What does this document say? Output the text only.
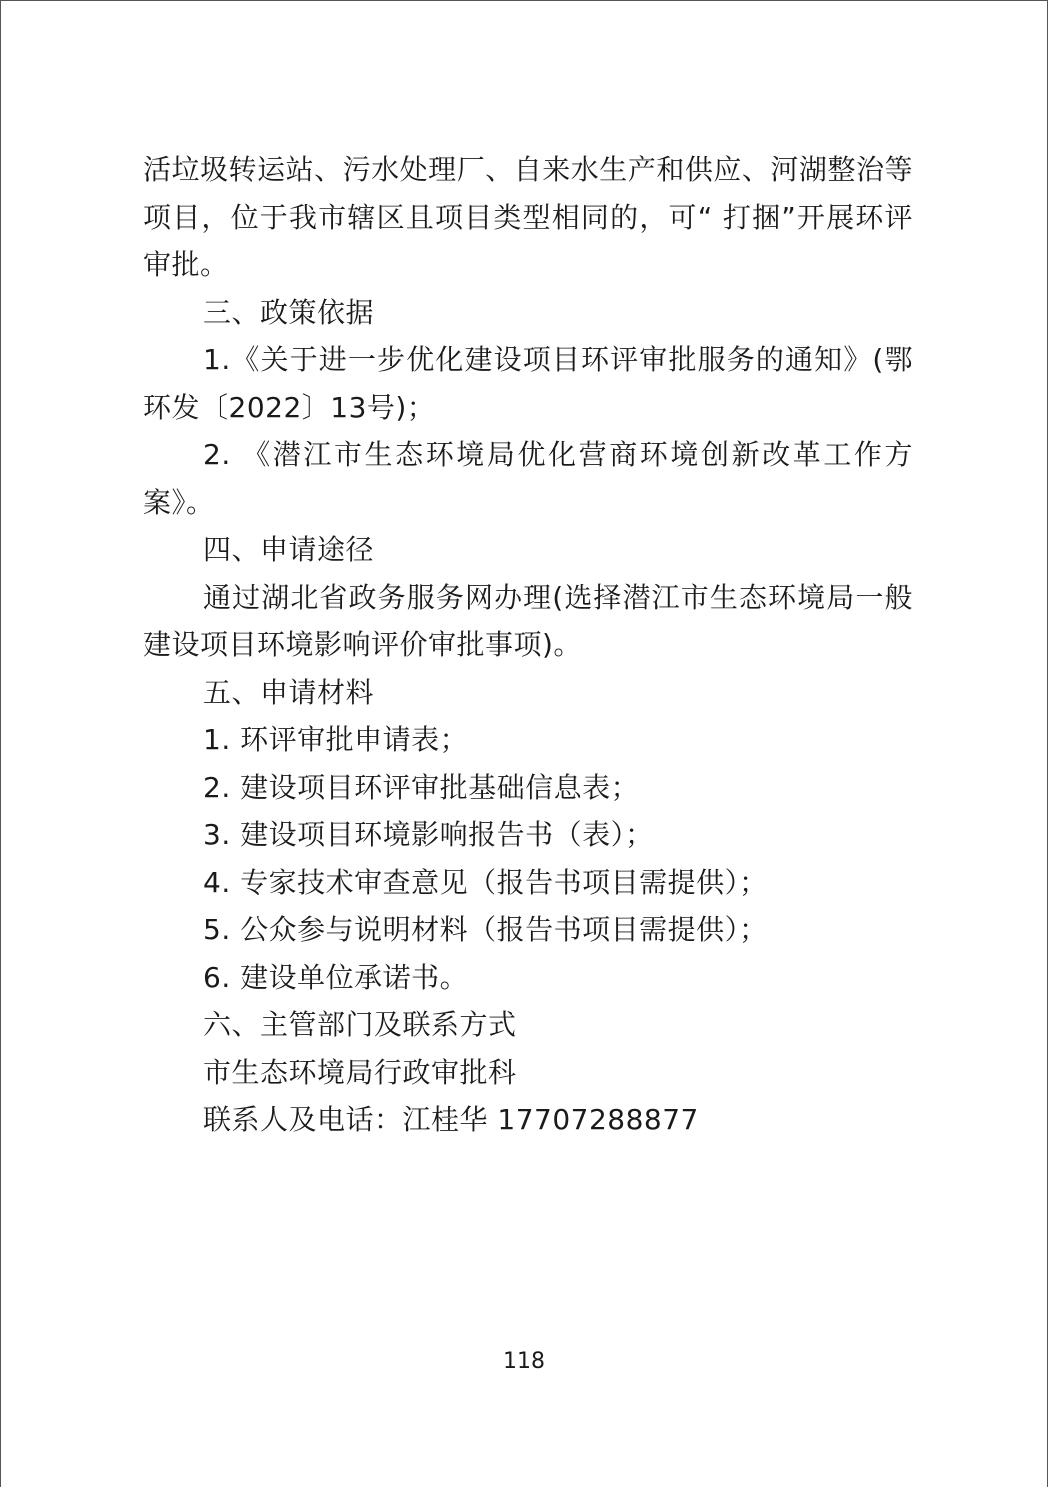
活垃圾转运站、污水处理厂、自来水生产和供应、河湖整治等项目，位于我市辖区且项目类型相同的，可“ 打捆”开展环评审批。

三、政策依据

1.《关于进一步优化建设项目环评审批服务的通知》(鄂环发〔2022〕13号)；

2. 《潜江市生态环境局优化营商环境创新改革工作方案》。

四、申请途径

通过湖北省政务服务网办理(选择潜江市生态环境局一般建设项目环境影响评价审批事项)。

五、申请材料

1. 环评审批申请表；

2. 建设项目环评审批基础信息表；

3. 建设项目环境影响报告书（表）；

4. 专家技术审查意见（报告书项目需提供）；

5. 公众参与说明材料（报告书项目需提供）；

6. 建设单位承诺书。

六、主管部门及联系方式

市生态环境局行政审批科

联系人及电话：江桂华 17707288877

118
